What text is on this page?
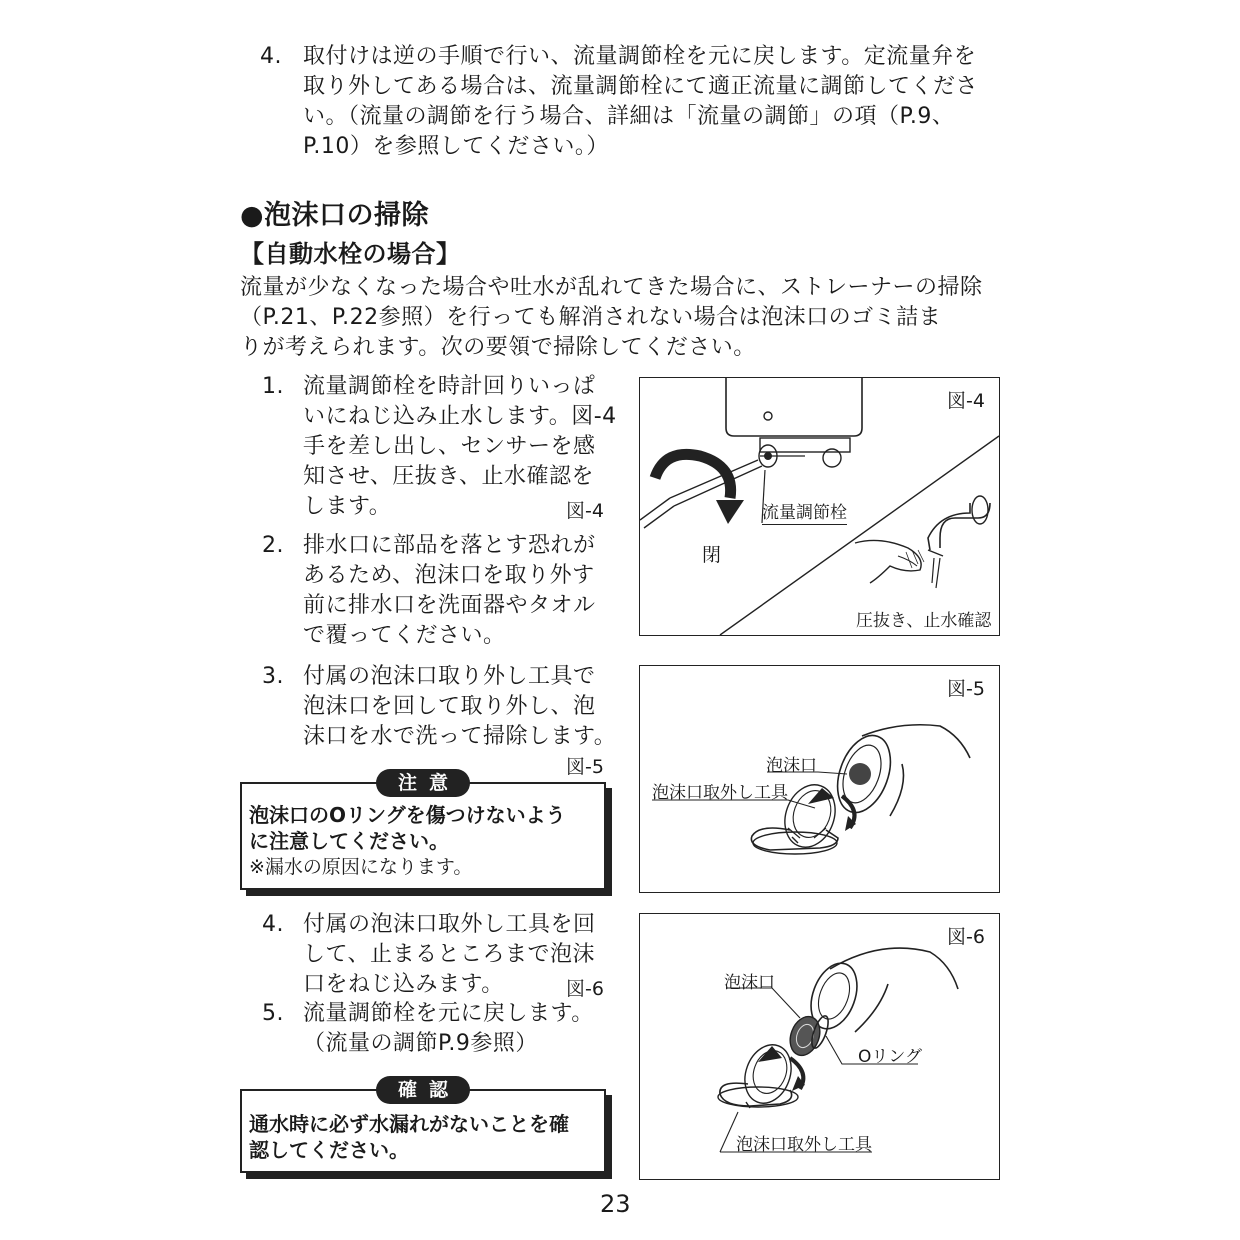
4. 取付けは逆の手順で行い、流量調節栓を元に戻します。定流量弁を
取り外してある場合は、流量調節栓にて適正流量に調節してくださ
い。（流量の調節を行う場合、詳細は「流量の調節」の項（P.9、
P.10）を参照してください。）
●泡沫口の掃除
【自動水栓の場合】
流量が少なくなった場合や吐水が乱れてきた場合に、ストレーナーの掃除
（P.21、P.22参照）を行っても解消されない場合は泡沫口のゴミ詰ま
りが考えられます。次の要領で掃除してください。
1. 流量調節栓を時計回りいっぱ
いにねじ込み止水します。図-4
手を差し出し、センサーを感
知させ、圧抜き、止水確認を
します。	図-4
2. 排水口に部品を落とす恐れが
あるため、泡沫口を取り外す
前に排水口を洗面器やタオル
で覆ってください。
図-4
流量調節栓
閉
圧抜き、止水確認
3. 付属の泡沫口取り外し工具で
泡沫口を回して取り外し、泡
沫口を水で洗って掃除します。
図-5
注意
泡沫口のOリングを傷つけないよう
に注意してください。
※漏水の原因になります。
図-5
泡沫口
泡沫口取外し工具
4. 付属の泡沫口取外し工具を回
して、止まるところまで泡沫
口をねじ込みます。	図-6
5. 流量調節栓を元に戻します。
（流量の調節P.9参照）
確認
通水時に必ず水漏れがないことを確
認してください。
図-6
泡沫口
Oリング
泡沫口取外し工具
23
